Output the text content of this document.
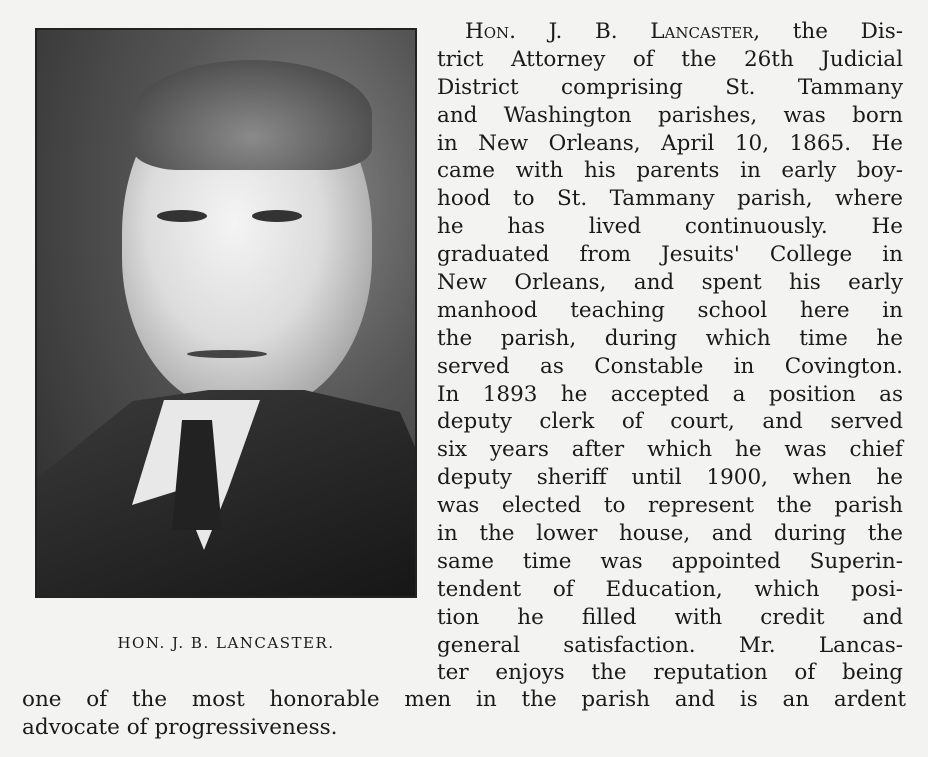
HON. J. B. LANCASTER.
Hon. J. B. Lancaster, the Dis-
trict Attorney of the 26th Judicial
District comprising St. Tammany
and Washington parishes, was born
in New Orleans, April 10, 1865. He
came with his parents in early boy-
hood to St. Tammany parish, where
he has lived continuously. He
graduated from Jesuits' College in
New Orleans, and spent his early
manhood teaching school here in
the parish, during which time he
served as Constable in Covington.
In 1893 he accepted a position as
deputy clerk of court, and served
six years after which he was chief
deputy sheriff until 1900, when he
was elected to represent the parish
in the lower house, and during the
same time was appointed Superin-
tendent of Education, which posi-
tion he filled with credit and
general satisfaction. Mr. Lancas-
ter enjoys the reputation of being
one of the most honorable men in the parish and is an ardent
advocate of progressiveness.
